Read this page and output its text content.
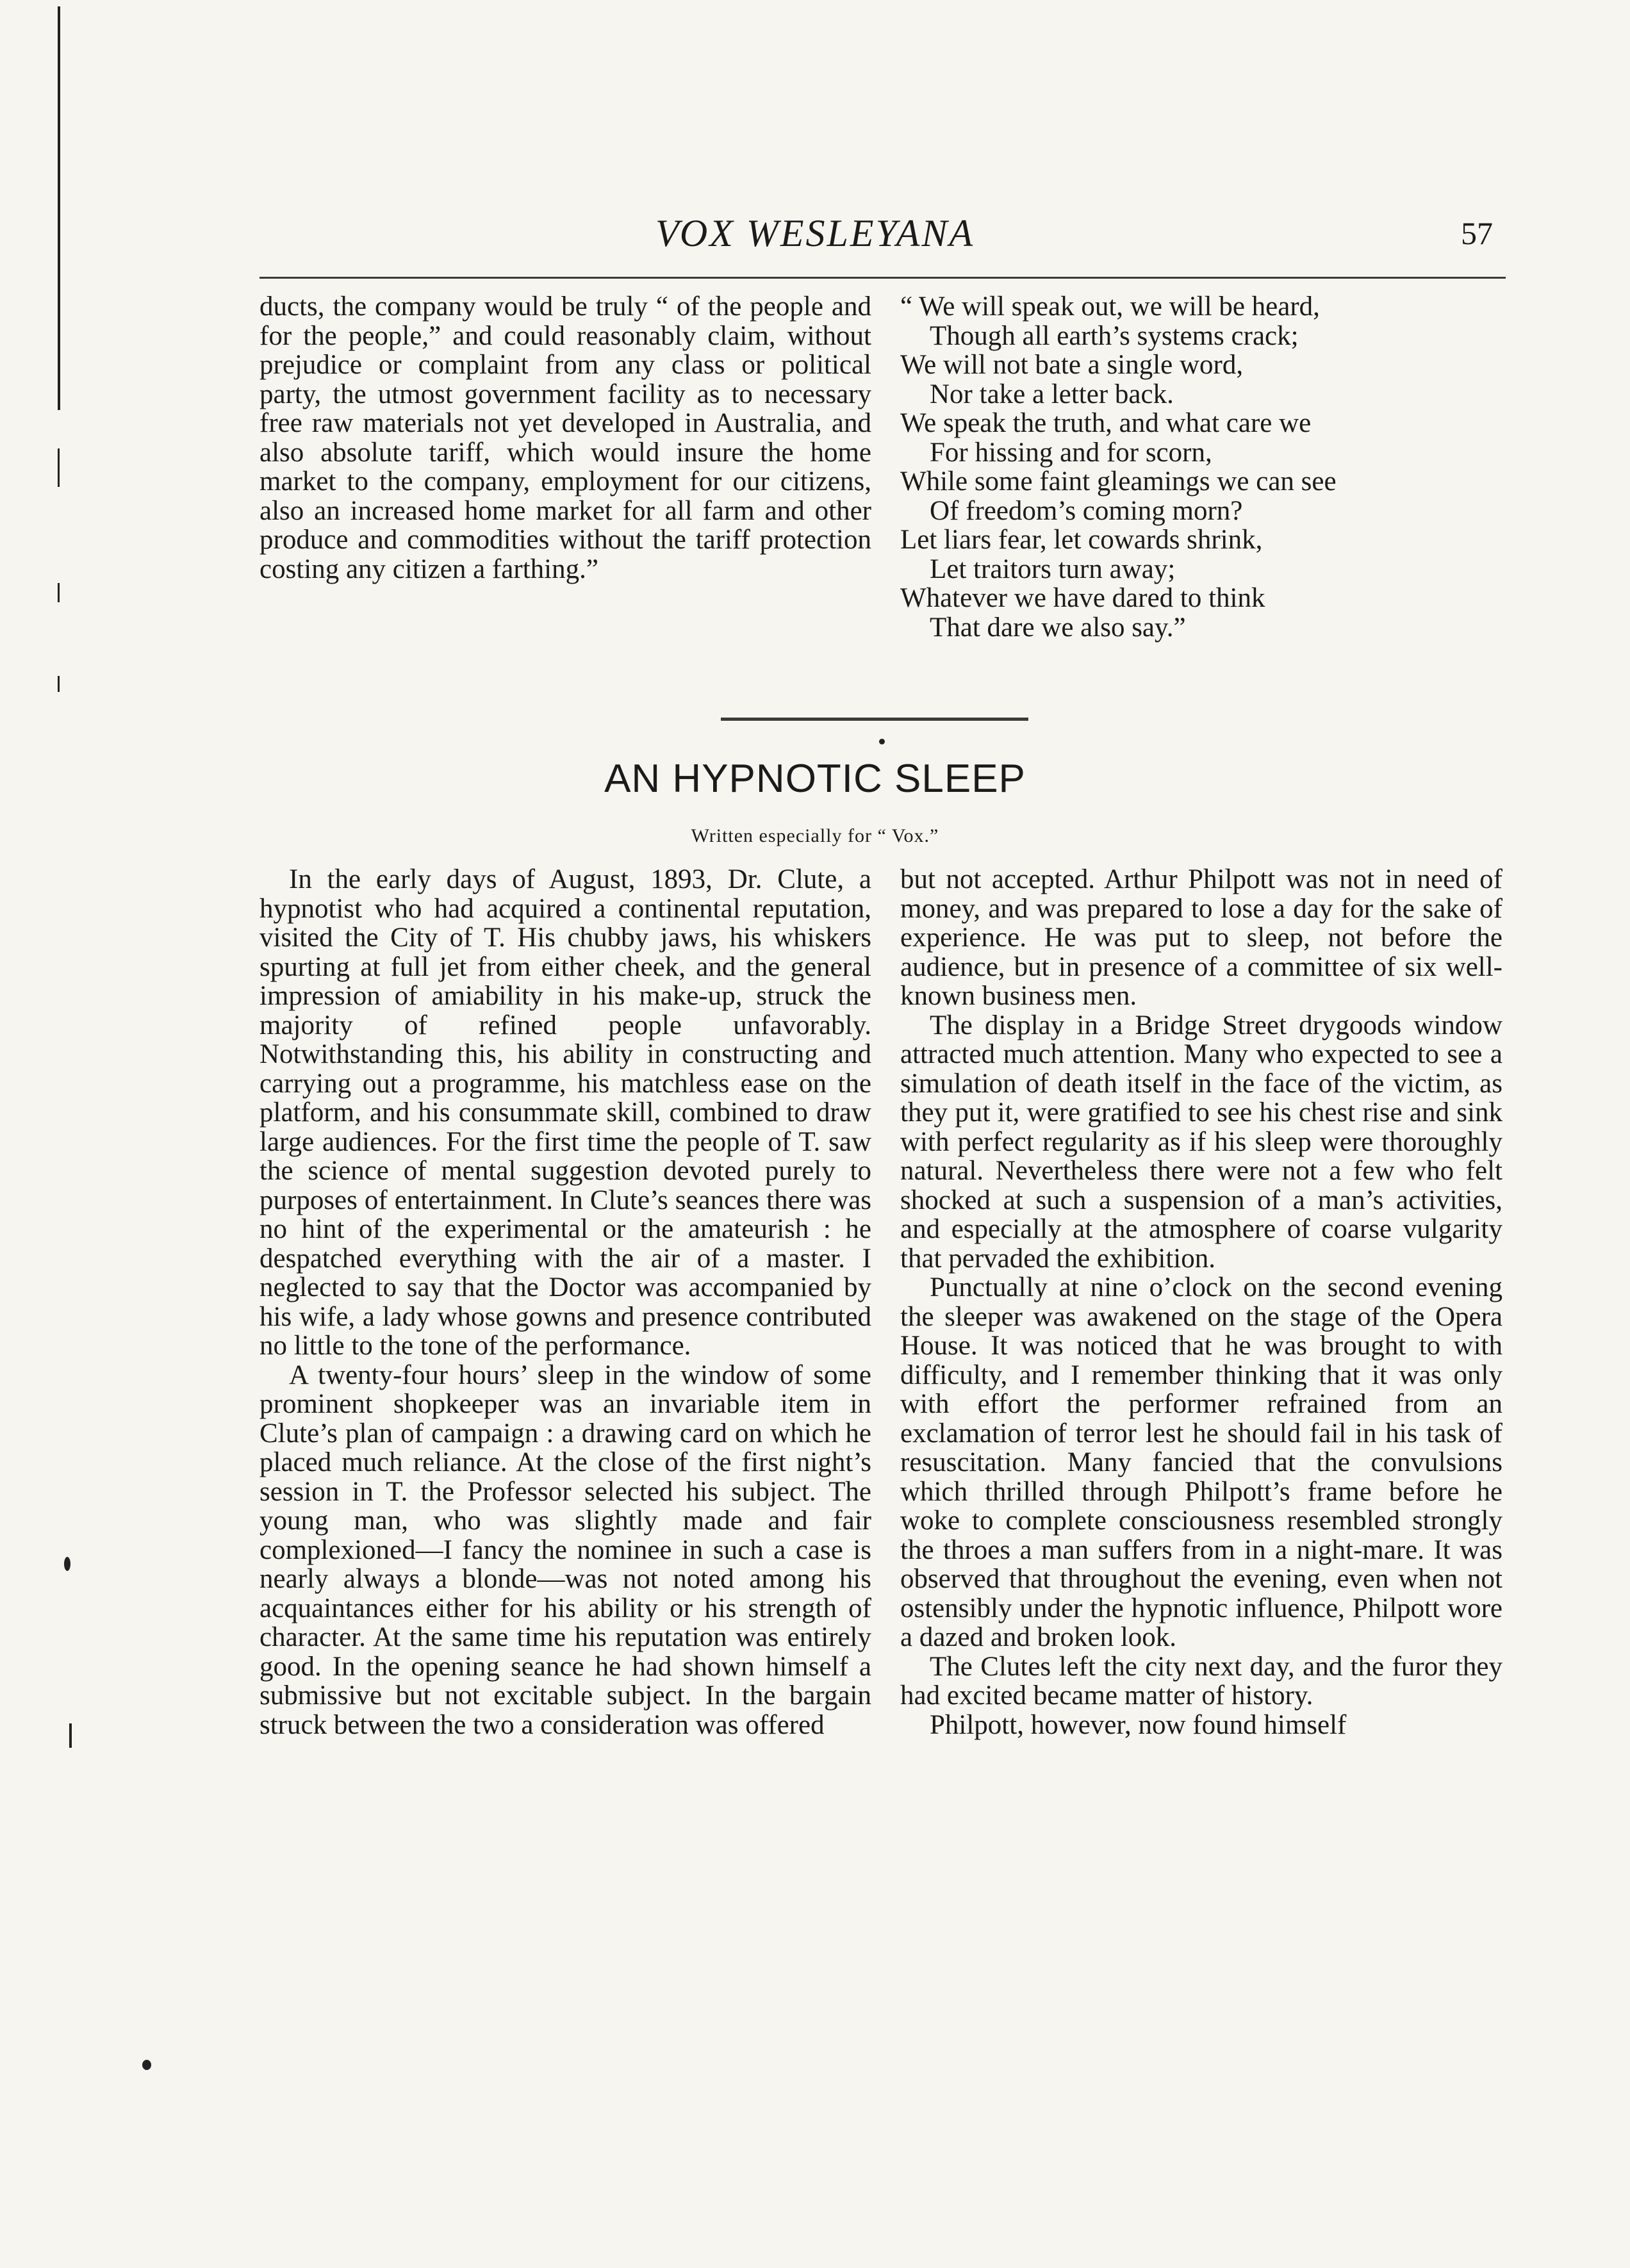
VOX WESLEYANA	57

ducts, the company would be truly “ of the people and for the people,” and could reasonably claim, without prejudice or complaint from any class or political party, the utmost government facility as to necessary free raw materials not yet developed in Australia, and also absolute tariff, which would insure the home market to the company, employment for our citizens, also an increased home market for all farm and other produce and commodities without the tariff protection costing any citizen a farthing.”

“ We will speak out, we will be heard,
Though all earth’s systems crack;
We will not bate a single word,
Nor take a letter back.
We speak the truth, and what care we
For hissing and for scorn,
While some faint gleamings we can see
Of freedom’s coming morn?
Let liars fear, let cowards shrink,
Let traitors turn away;
Whatever we have dared to think
That dare we also say.”
AN HYPNOTIC SLEEP
Written especially for “ Vox.”

In the early days of August, 1893, Dr. Clute, a hypnotist who had acquired a continental reputation, visited the City of T. His chubby jaws, his whiskers spurting at full jet from either cheek, and the general impression of amiability in his make-up, struck the majority of refined people unfavorably. Notwithstanding this, his ability in constructing and carrying out a programme, his matchless ease on the platform, and his consummate skill, combined to draw large audiences. For the first time the people of T. saw the science of mental suggestion devoted purely to purposes of entertainment. In Clute’s seances there was no hint of the experimental or the amateurish : he despatched everything with the air of a master. I neglected to say that the Doctor was accompanied by his wife, a lady whose gowns and presence contributed no little to the tone of the performance.

A twenty-four hours’ sleep in the window of some prominent shopkeeper was an invariable item in Clute’s plan of campaign : a drawing card on which he placed much reliance. At the close of the first night’s session in T. the Professor selected his subject. The young man, who was slightly made and fair complexioned—I fancy the nominee in such a case is nearly always a blonde—was not noted among his acquaintances either for his ability or his strength of character. At the same time his reputation was entirely good. In the opening seance he had shown himself a submissive but not excitable subject. In the bargain struck between the two a consideration was offered

but not accepted. Arthur Philpott was not in need of money, and was prepared to lose a day for the sake of experience. He was put to sleep, not before the audience, but in presence of a committee of six well-known business men.

The display in a Bridge Street drygoods window attracted much attention. Many who expected to see a simulation of death itself in the face of the victim, as they put it, were gratified to see his chest rise and sink with perfect regularity as if his sleep were thoroughly natural. Nevertheless there were not a few who felt shocked at such a suspension of a man’s activities, and especially at the atmosphere of coarse vulgarity that pervaded the exhibition.

Punctually at nine o’clock on the second evening the sleeper was awakened on the stage of the Opera House. It was noticed that he was brought to with difficulty, and I remember thinking that it was only with effort the performer refrained from an exclamation of terror lest he should fail in his task of resuscitation. Many fancied that the convulsions which thrilled through Philpott’s frame before he woke to complete consciousness resembled strongly the throes a man suffers from in a night-mare. It was observed that throughout the evening, even when not ostensibly under the hypnotic influence, Philpott wore a dazed and broken look.

The Clutes left the city next day, and the furor they had excited became matter of history.

Philpott, however, now found himself
